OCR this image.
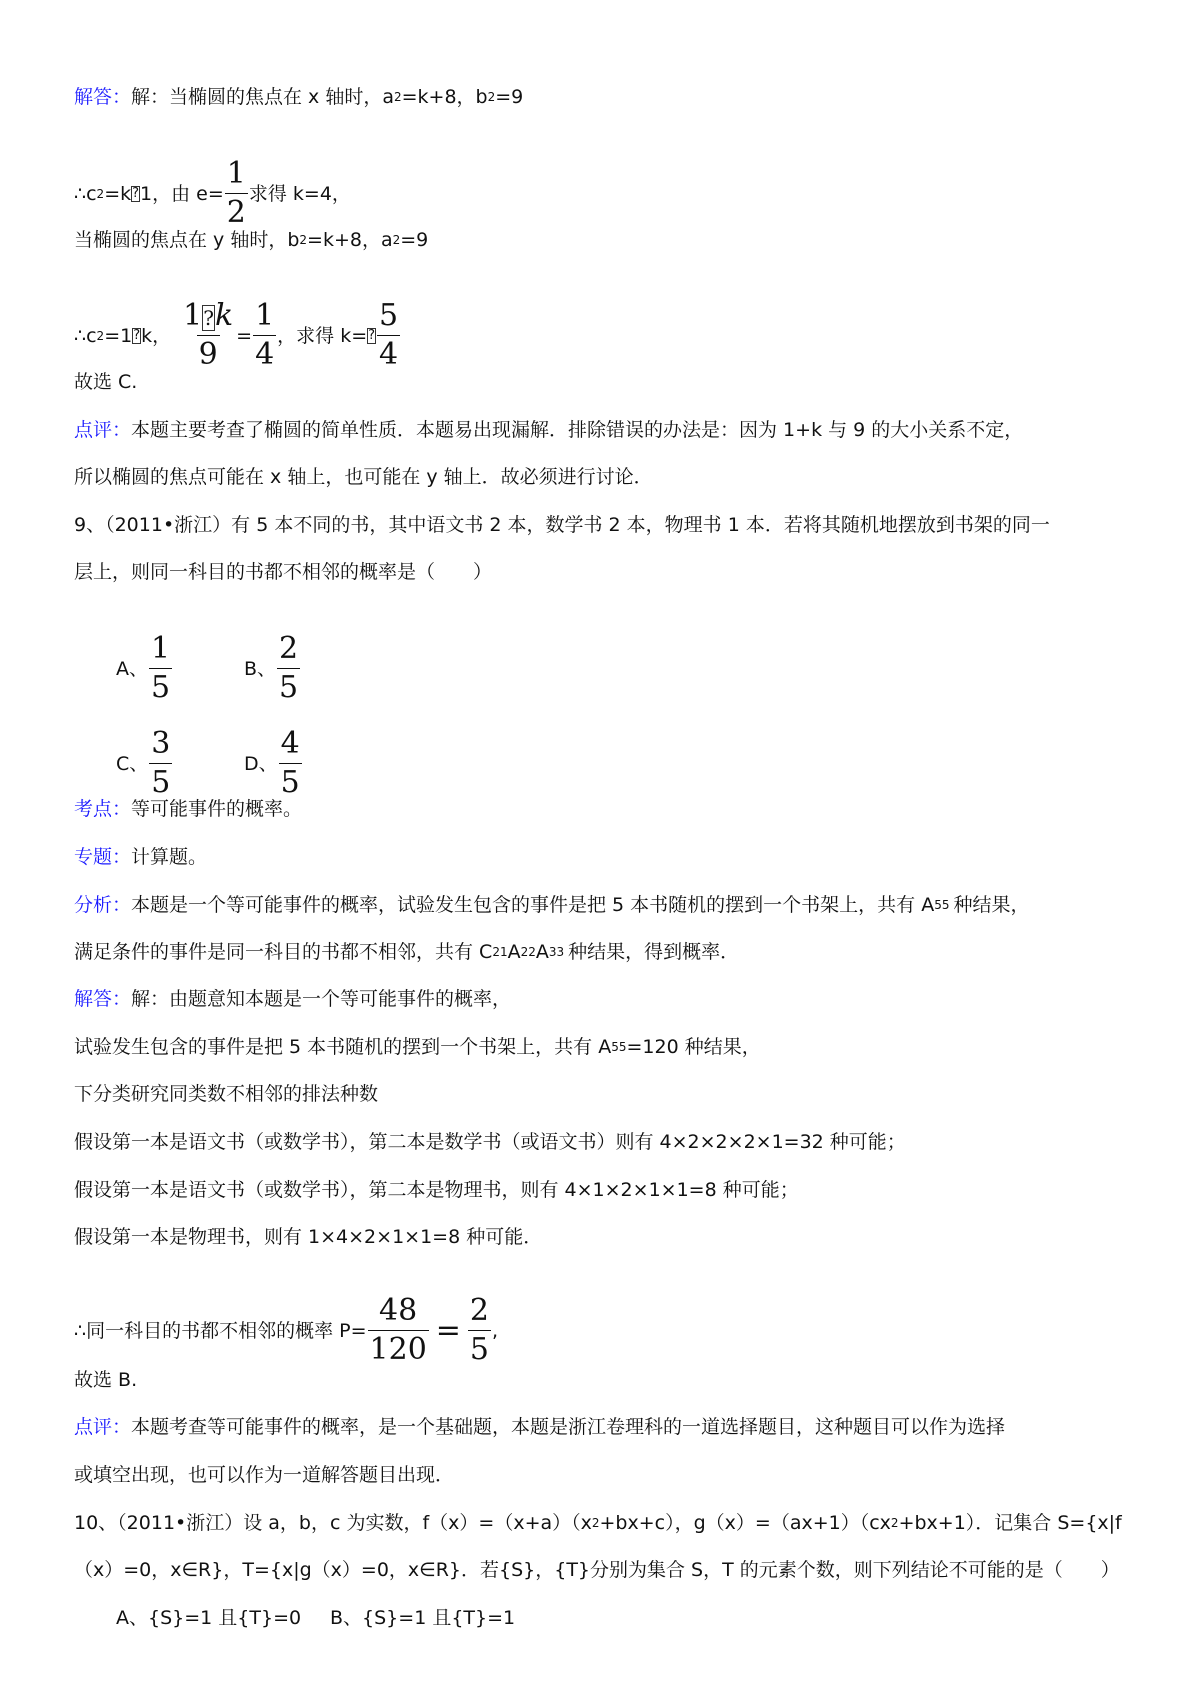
解答： 解：当椭圆的焦点在 x 轴时，a 2 =k+8，b 2 =9
∴c 2 =k ? 1，由 $e= \frac{1}{2}$ 求得 k=4，
当椭圆的焦点在 y 轴时，b 2 =k+8，a 2 =9
∴c 2 =1 ? k， $\frac{1?k}{9} = \frac{1}{4}$ ，求得 k= ? $\frac{5}{4}$
故选 C.
点评： 本题主要考查了椭圆的简单性质．本题易出现漏解．排除错误的办法是：因为 1+k 与 9 的大小关系不定，
所以椭圆的焦点可能在 x 轴上，也可能在 y 轴上．故必须进行讨论．
9、（2011•浙江）有 5 本不同的书，其中语文书 2 本，数学书 2 本，物理书 1 本．若将其随机地摆放到书架的同一
层上，则同一科目的书都不相邻的概率是（　　）
A、 $\frac{1}{5}$	B、 $\frac{2}{5}$
C、 $\frac{3}{5}$	D、 $\frac{4}{5}$
考点： 等可能事件的概率。
专题： 计算题。
分析： 本题是一个等可能事件的概率，试验发生包含的事件是把 5 本书随机的摆到一个书架上，共有 A 5 5 种结果，
满足条件的事件是同一科目的书都不相邻，共有 C 2 1 A 2 2 A 3 3 种结果，得到概率．
解答： 解：由题意知本题是一个等可能事件的概率，
试验发生包含的事件是把 5 本书随机的摆到一个书架上，共有 A 5 5 =120 种结果，
下分类研究同类数不相邻的排法种数
假设第一本是语文书（或数学书），第二本是数学书（或语文书）则有 4×2×2×2×1=32 种可能；
假设第一本是语文书（或数学书），第二本是物理书，则有 4×1×2×1×1=8 种可能；
假设第一本是物理书，则有 1×4×2×1×1=8 种可能．
∴同一科目的书都不相邻的概率 $P= \frac{48}{120} = \frac{2}{5}$ ,
故选 B.
点评： 本题考查等可能事件的概率，是一个基础题，本题是浙江卷理科的一道选择题目，这种题目可以作为选择
或填空出现，也可以作为一道解答题目出现．
10、（2011•浙江）设 a，b，c 为实数，f（x）=（x+a）（x 2 +bx+c），g（x）=（ax+1）（cx 2 +bx+1）．记集合 S={x|f
（x）=0，x∈R}，T={x|g（x）=0，x∈R}．若{S}，{T}分别为集合 S，T 的元素个数，则下列结论不可能的是（　　）
A、{S}=1 且{T}=0	B、{S}=1 且{T}=1
